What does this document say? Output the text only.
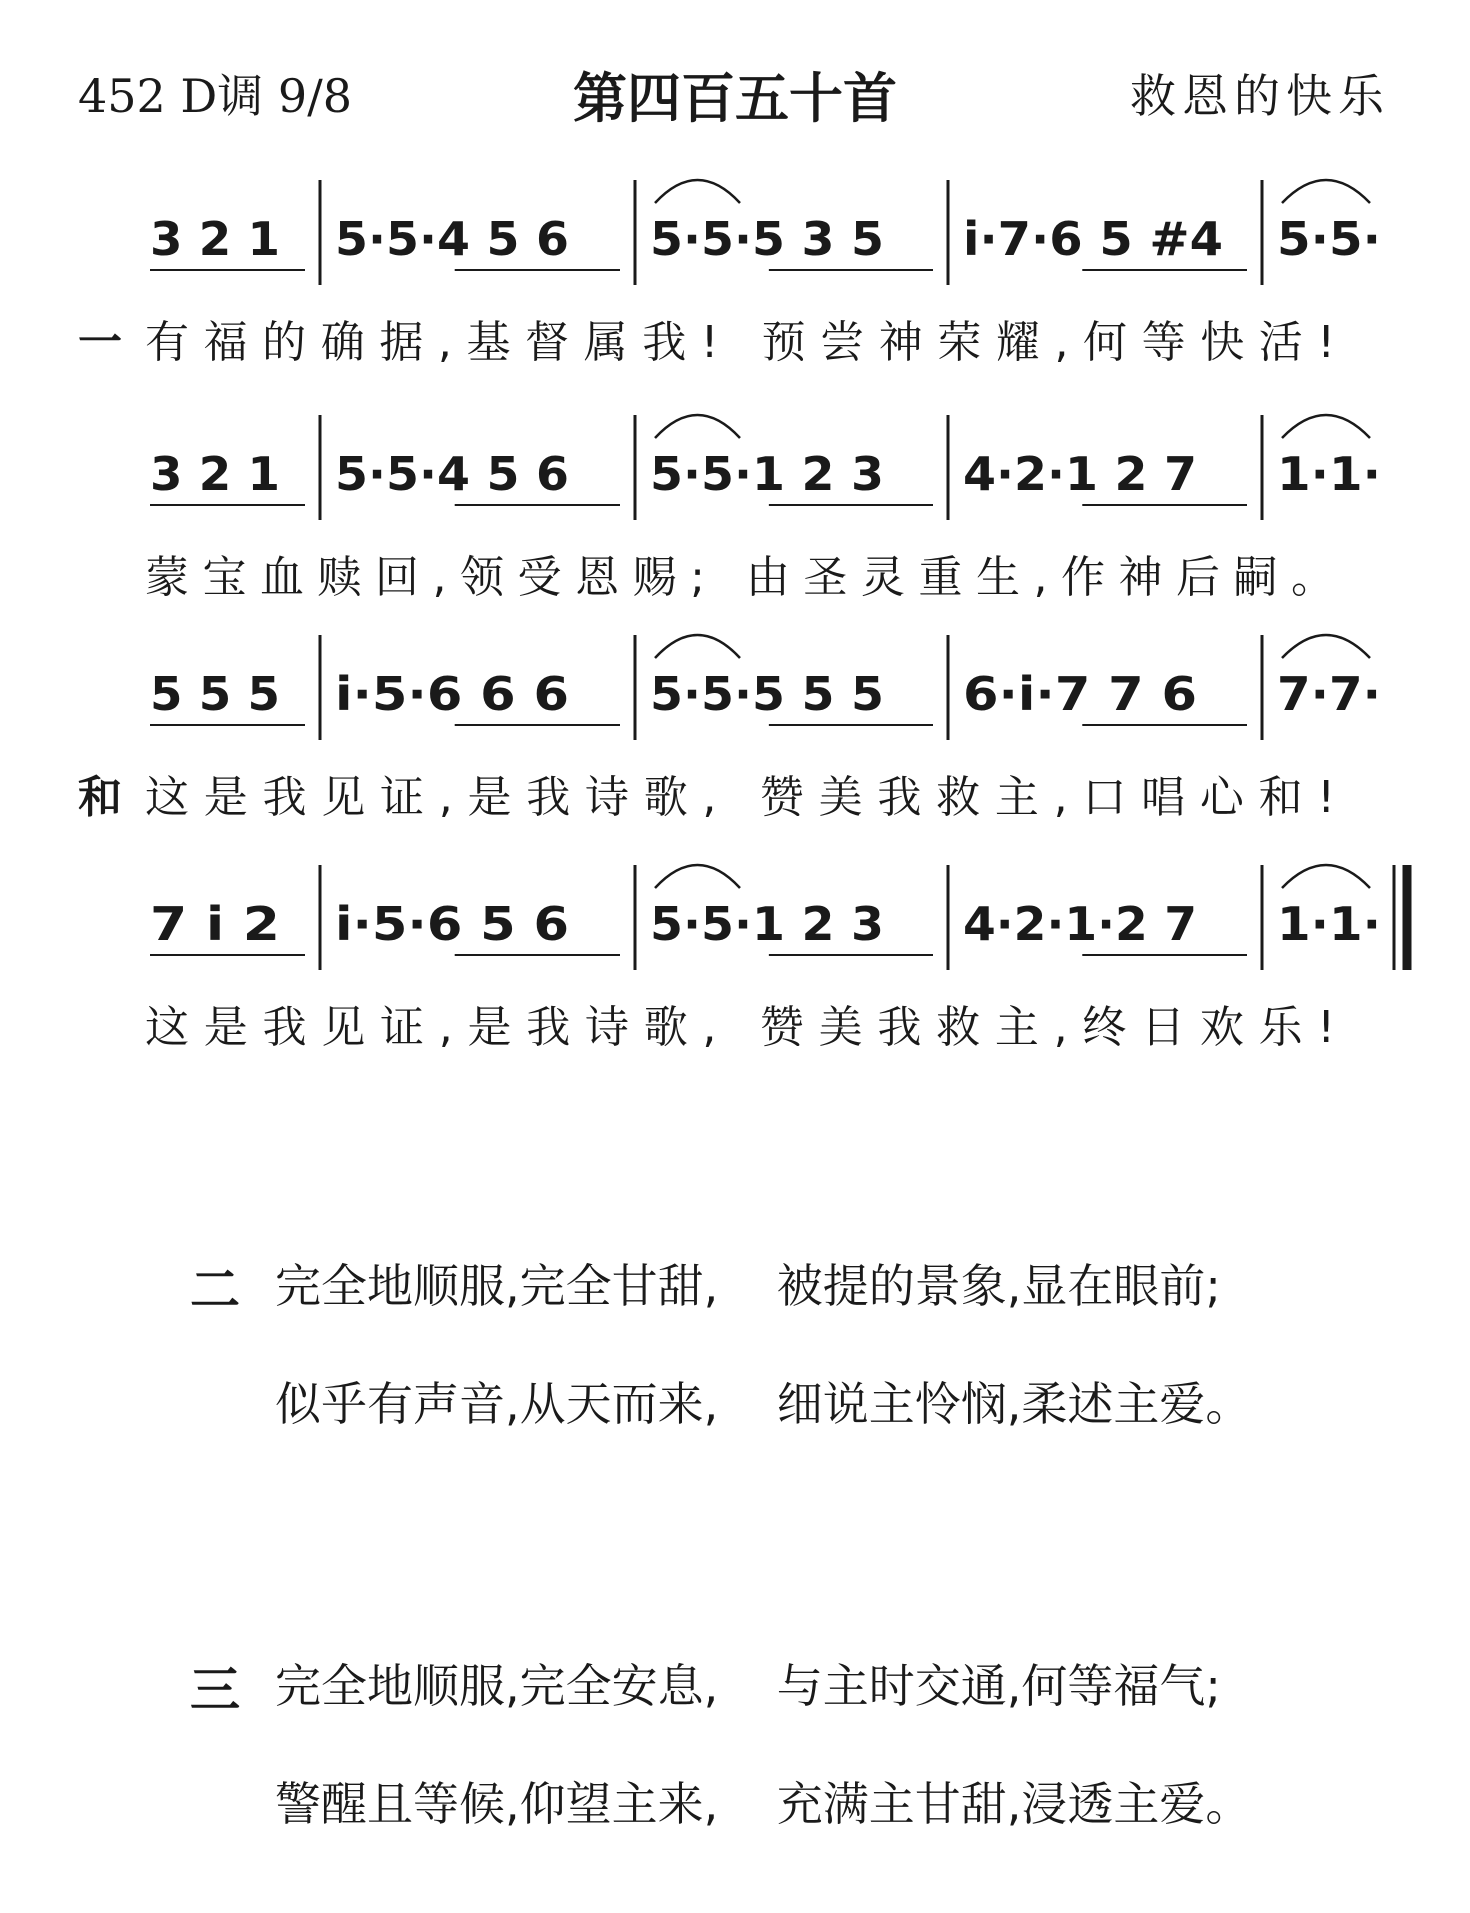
452 D调 9/8	第四百五十首	救恩的快乐
3 2 1 5·5·4 5 6 5·5·5 3 5 i·7·6 5 #4 5·5·
一 有福的确据,基督属我! 预尝神荣耀,何等快活!
3 2 1 5·5·4 5 6 5·5·1 2 3 4·2·1 2 7 1·1·
蒙宝血赎回,领受恩赐; 由圣灵重生,作神后嗣。
5 5 5 i·5·6 6 6 5·5·5 5 5 6·i·7 7 6 7·7·
和 这是我见证,是我诗歌, 赞美我救主,口唱心和!
7 i 2 i·5·6 5 6 5·5·1 2 3 4·2·1·2 7 1·1·
这是我见证,是我诗歌, 赞美我救主,终日欢乐!
二 完全地顺服,完全甘甜,    被提的景象,显在眼前;
似乎有声音,从天而来,    细说主怜悯,柔述主爱。
三 完全地顺服,完全安息,    与主时交通,何等福气;
警醒且等候,仰望主来,    充满主甘甜,浸透主爱。
